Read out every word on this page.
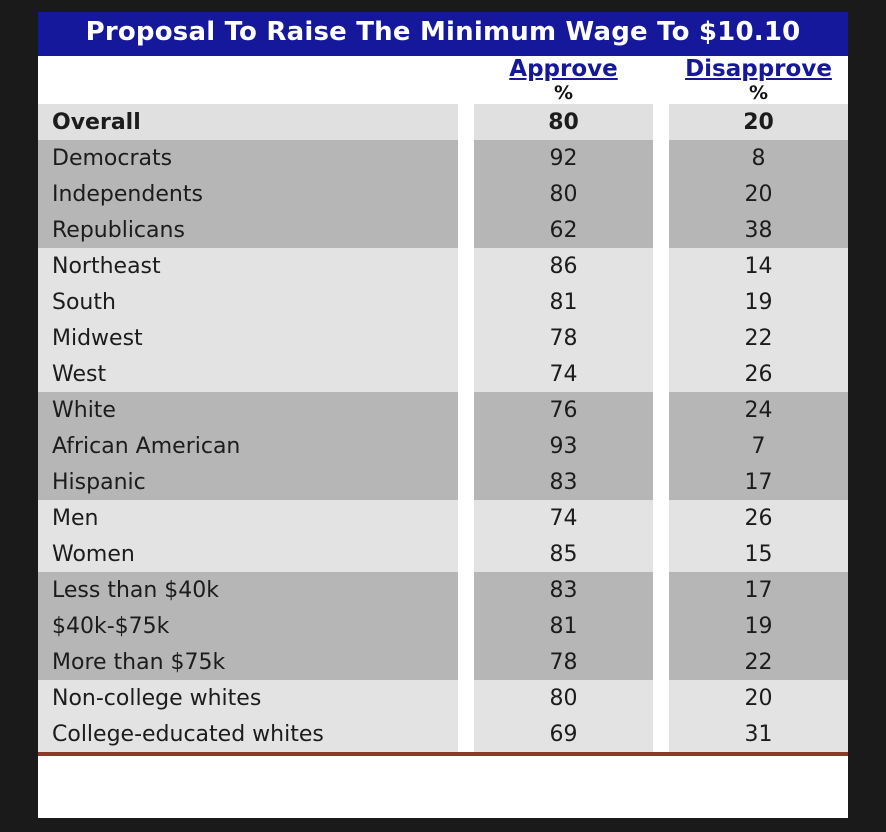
Proposal To Raise The Minimum Wage To $10.10				
		Approve		Disapprove
		%		%
Overall		80		20
Democrats		92		8
Independents		80		20
Republicans		62		38
Northeast		86		14
South		81		19
Midwest		78		22
West		74		26
White		76		24
African American		93		7
Hispanic		83		17
Men		74		26
Women		85		15
Less than $40k		83		17
$40k-$75k		81		19
More than $75k		78		22
Non-college whites		80		20
College-educated whites		69		31
